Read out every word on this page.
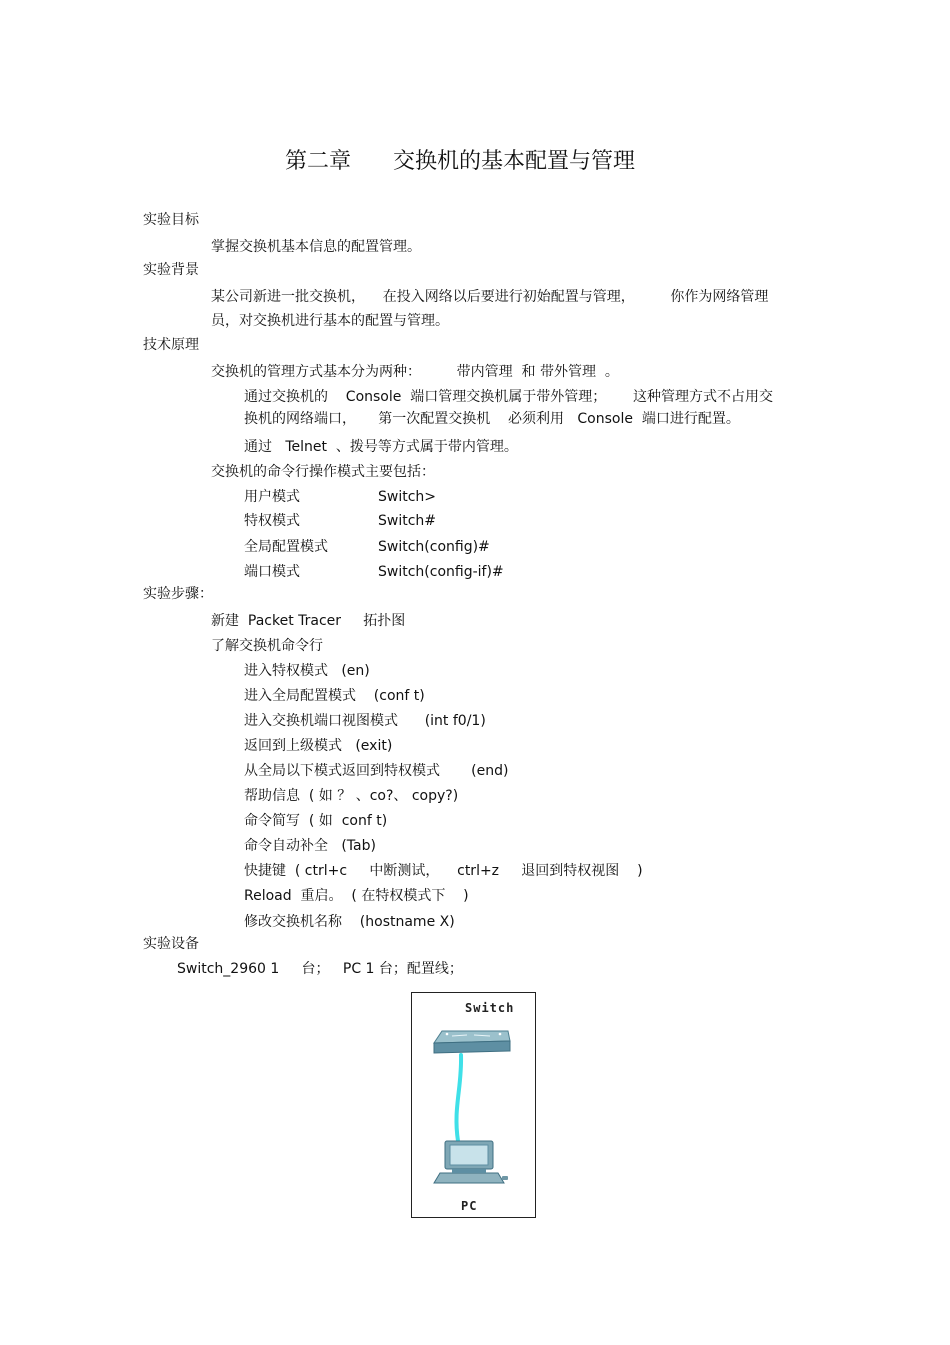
第二章      交换机的基本配置与管理
实验目标
掌握交换机基本信息的配置管理。
实验背景
某公司新进一批交换机，    在投入网络以后要进行初始配置与管理，        你作为网络管理
员，对交换机进行基本的配置与管理。
技术原理
交换机的管理方式基本分为两种：        带内管理  和 带外管理  。
通过交换机的    Console  端口管理交换机属于带外管理；      这种管理方式不占用交
换机的网络端口，     第一次配置交换机    必须利用   Console  端口进行配置。
通过   Telnet  、拨号等方式属于带内管理。
交换机的命令行操作模式主要包括：
用户模式	Switch>
特权模式	Switch#
全局配置模式	Switch(config)#
端口模式	Switch(config-if)#
实验步骤：
新建  Packet Tracer     拓扑图
了解交换机命令行
进入特权模式   (en)
进入全局配置模式    (conf t)
进入交换机端口视图模式      (int f0/1)
返回到上级模式   (exit)
从全局以下模式返回到特权模式       (end)
帮助信息  ( 如 ？ 、co?、 copy?)
命令简写  ( 如  conf t)
命令自动补全   (Tab)
快捷键  ( ctrl+c     中断测试，    ctrl+z     退回到特权视图    )
Reload  重启。  ( 在特权模式下    )
修改交换机名称    (hostname X)
实验设备
Switch_2960 1     台；   PC 1 台；配置线；
Switch
PC
